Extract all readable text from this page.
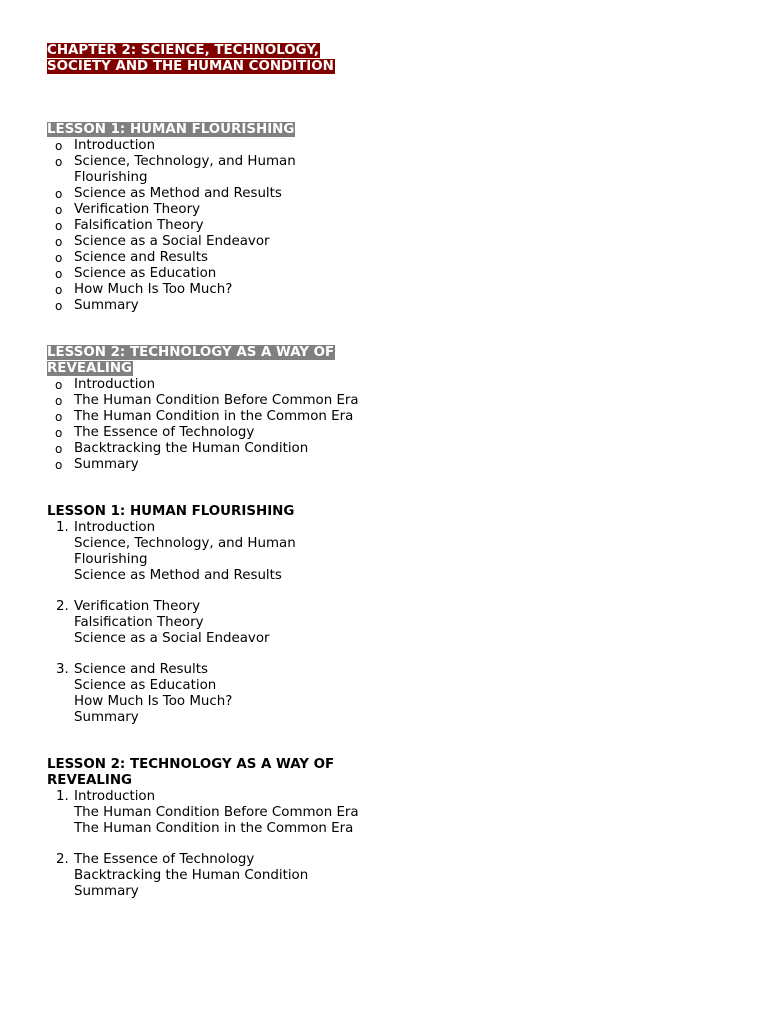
CHAPTER 2: SCIENCE, TECHNOLOGY, SOCIETY AND THE HUMAN CONDITION
LESSON 1: HUMAN FLOURISHING
o Introduction
o Science, Technology, and Human Flourishing
o Science as Method and Results
o Verification Theory
o Falsification Theory
o Science as a Social Endeavor
o Science and Results
o Science as Education
o How Much Is Too Much?
o Summary
LESSON 2: TECHNOLOGY AS A WAY OF REVEALING
o Introduction
o The Human Condition Before Common Era
o The Human Condition in the Common Era
o The Essence of Technology
o Backtracking the Human Condition
o Summary
LESSON 1: HUMAN FLOURISHING
1. Introduction
Science, Technology, and Human Flourishing
Science as Method and Results
2. Verification Theory
Falsification Theory
Science as a Social Endeavor
3. Science and Results
Science as Education
How Much Is Too Much?
Summary
LESSON 2: TECHNOLOGY AS A WAY OF REVEALING
1. Introduction
The Human Condition Before Common Era
The Human Condition in the Common Era
2. The Essence of Technology
Backtracking the Human Condition
Summary
